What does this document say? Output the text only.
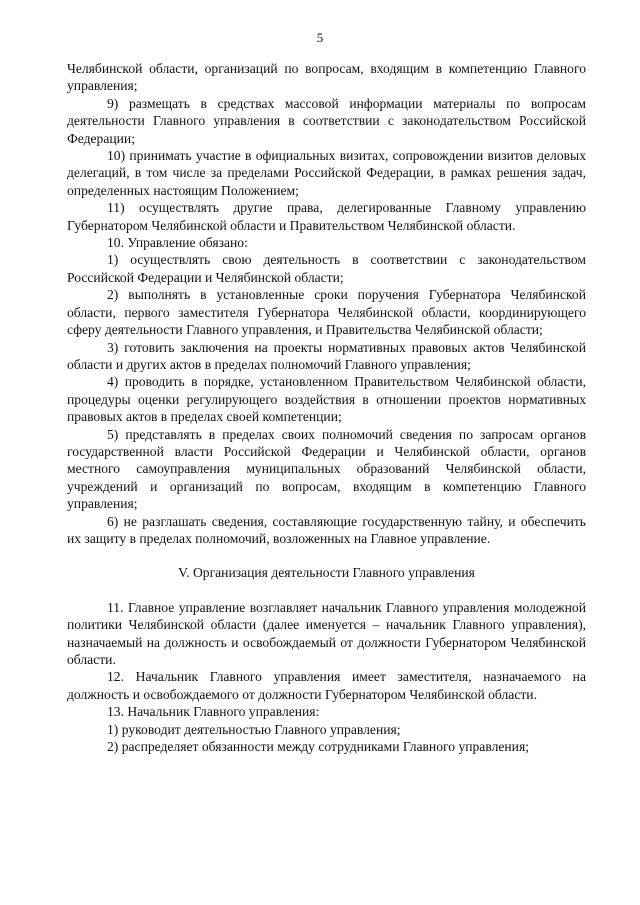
5

Челябинской области, организаций по вопросам, входящим в компетенцию Главного управления;

9) размещать в средствах массовой информации материалы по вопросам деятельности Главного управления в соответствии с законодательством Российской Федерации;

10) принимать участие в официальных визитах, сопровождении визитов деловых делегаций, в том числе за пределами Российской Федерации, в рамках решения задач, определенных настоящим Положением;

11) осуществлять другие права, делегированные Главному управлению Губернатором Челябинской области и Правительством Челябинской области.

10. Управление обязано:

1) осуществлять свою деятельность в соответствии с законодательством Российской Федерации и Челябинской области;

2) выполнять в установленные сроки поручения Губернатора Челябинской области, первого заместителя Губернатора Челябинской области, координирующего сферу деятельности Главного управления, и Правительства Челябинской области;

3) готовить заключения на проекты нормативных правовых актов Челябинской области и других актов в пределах полномочий Главного управления;

4) проводить в порядке, установленном Правительством Челябинской области, процедуры оценки регулирующего воздействия в отношении проектов нормативных правовых актов в пределах своей компетенции;

5) представлять в пределах своих полномочий сведения по запросам органов государственной власти Российской Федерации и Челябинской области, органов местного самоуправления муниципальных образований Челябинской области, учреждений и организаций по вопросам, входящим в компетенцию Главного управления;

6) не разглашать сведения, составляющие государственную тайну, и обеспечить их защиту в пределах полномочий, возложенных на Главное управление.

V. Организация деятельности Главного управления

11. Главное управление возглавляет начальник Главного управления молодежной политики Челябинской области (далее именуется – начальник Главного управления), назначаемый на должность и освобождаемый от должности Губернатором Челябинской области.

12. Начальник Главного управления имеет заместителя, назначаемого на должность и освобождаемого от должности Губернатором Челябинской области.

13. Начальник Главного управления:

1) руководит деятельностью Главного управления;

2) распределяет обязанности между сотрудниками Главного управления;
